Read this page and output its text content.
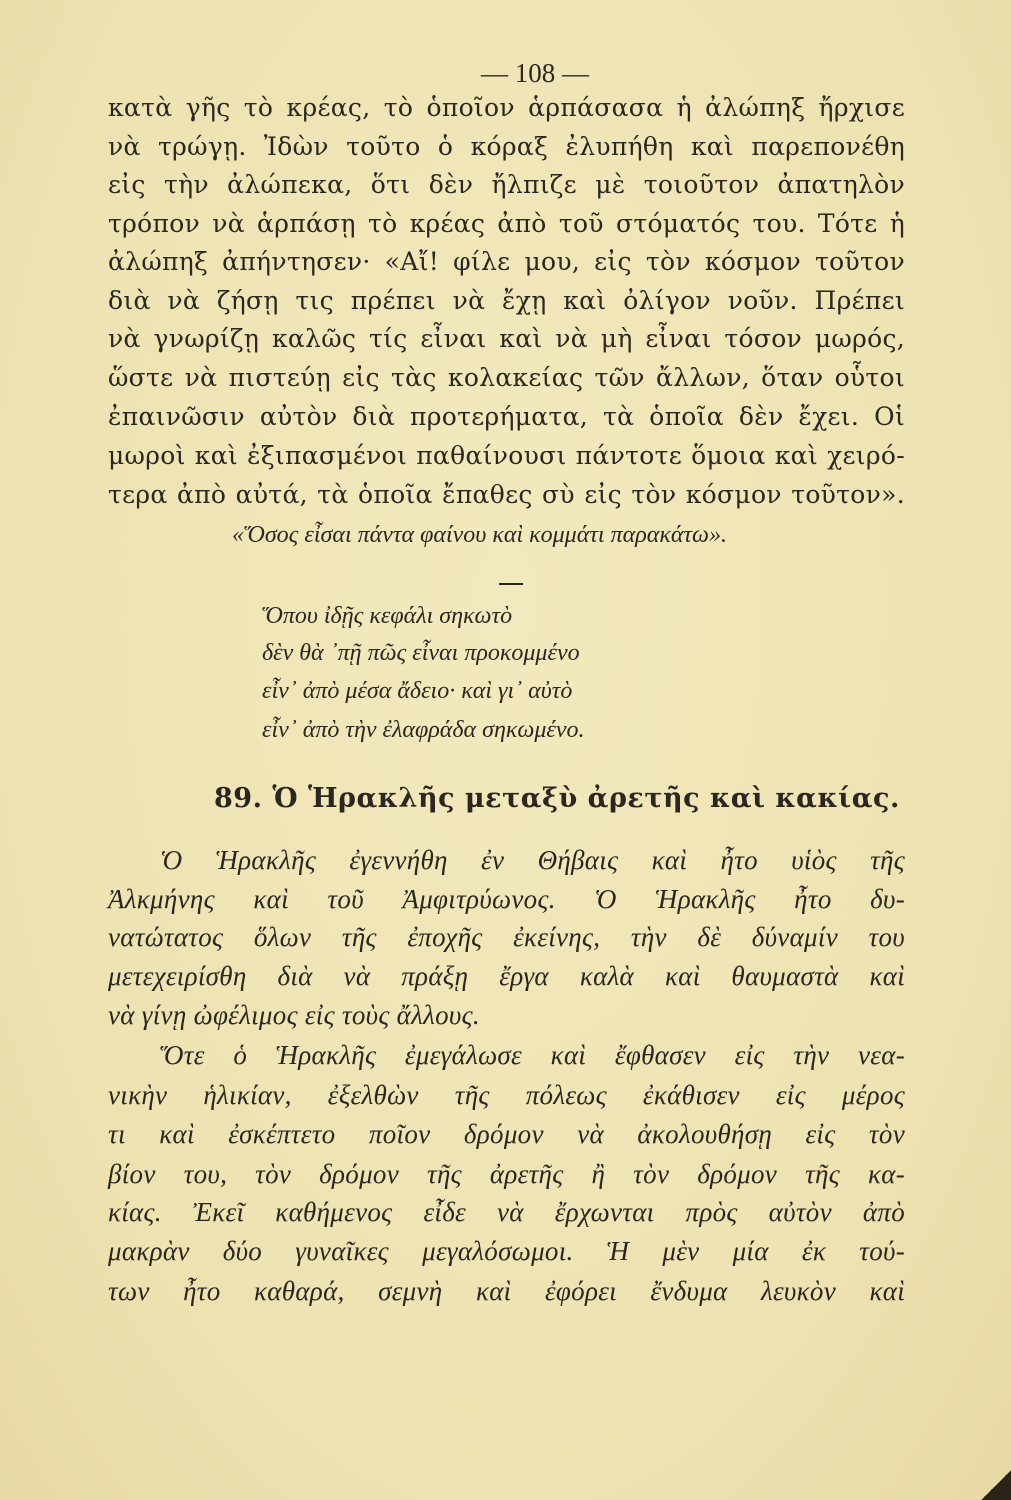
— 108 —
κατὰ γῆς τὸ κρέας, τὸ ὁποῖον ἁρπάσασα ἡ ἀλώπηξ ἤρχισε
νὰ τρώγῃ. Ἰδὼν τοῦτο ὁ κόραξ ἐλυπήθη καὶ παρεπονέθη
εἰς τὴν ἀλώπεκα, ὅτι δὲν ἤλπιζε μὲ τοιοῦτον ἀπατηλὸν
τρόπον νὰ ἁρπάσῃ τὸ κρέας ἀπὸ τοῦ στόματός του. Τότε ἡ
ἀλώπηξ ἀπήντησεν· «Αἴ! φίλε μου, εἰς τὸν κόσμον τοῦτον
διὰ νὰ ζήσῃ τις πρέπει νὰ ἔχῃ καὶ ὀλίγον νοῦν. Πρέπει
νὰ γνωρίζῃ καλῶς τίς εἶναι καὶ νὰ μὴ εἶναι τόσον μωρός,
ὥστε νὰ πιστεύῃ εἰς τὰς κολακείας τῶν ἄλλων, ὅταν οὗτοι
ἐπαινῶσιν αὐτὸν διὰ προτερήματα, τὰ ὁποῖα δὲν ἔχει. Οἱ
μωροὶ καὶ ἐξιπασμένοι παθαίνουσι πάντοτε ὅμοια καὶ χειρό-
τερα ἀπὸ αὐτά, τὰ ὁποῖα ἔπαθες σὺ εἰς τὸν κόσμον τοῦτον».
«Ὅσος εἶσαι πάντα φαίνου καὶ κομμάτι παρακάτω».
Ὅπου ἰδῇς κεφάλι σηκωτὸ
δὲν θὰ ᾽πῇ πῶς εἶναι προκομμένο
εἶν᾽ ἀπὸ μέσα ἄδειο· καὶ γι᾽ αὐτὸ
εἶν᾽ ἀπὸ τὴν ἐλαφράδα σηκωμένο.
89. Ὁ Ἡρακλῆς μεταξὺ ἀρετῆς καὶ κακίας.
Ὁ Ἡρακλῆς ἐγεννήθη ἐν Θήβαις καὶ ἦτο υἱὸς τῆς
Ἀλκμήνης καὶ τοῦ Ἀμφιτρύωνος. Ὁ Ἡρακλῆς ἦτο δυ-
νατώτατος ὅλων τῆς ἐποχῆς ἐκείνης, τὴν δὲ δύναμίν του
μετεχειρίσθη διὰ νὰ πράξῃ ἔργα καλὰ καὶ θαυμαστὰ καὶ
νὰ γίνῃ ὠφέλιμος εἰς τοὺς ἄλλους.
Ὅτε ὁ Ἡρακλῆς ἐμεγάλωσε καὶ ἔφθασεν εἰς τὴν νεα-
νικὴν ἡλικίαν, ἐξελθὼν τῆς πόλεως ἐκάθισεν εἰς μέρος
τι καὶ ἐσκέπτετο ποῖον δρόμον νὰ ἀκολουθήσῃ εἰς τὸν
βίον του, τὸν δρόμον τῆς ἀρετῆς ἢ τὸν δρόμον τῆς κα-
κίας. Ἐκεῖ καθήμενος εἶδε νὰ ἔρχωνται πρὸς αὐτὸν ἀπὸ
μακρὰν δύο γυναῖκες μεγαλόσωμοι. Ἡ μὲν μία ἐκ τού-
των ἦτο καθαρά, σεμνὴ καὶ ἐφόρει ἔνδυμα λευκὸν καὶ
